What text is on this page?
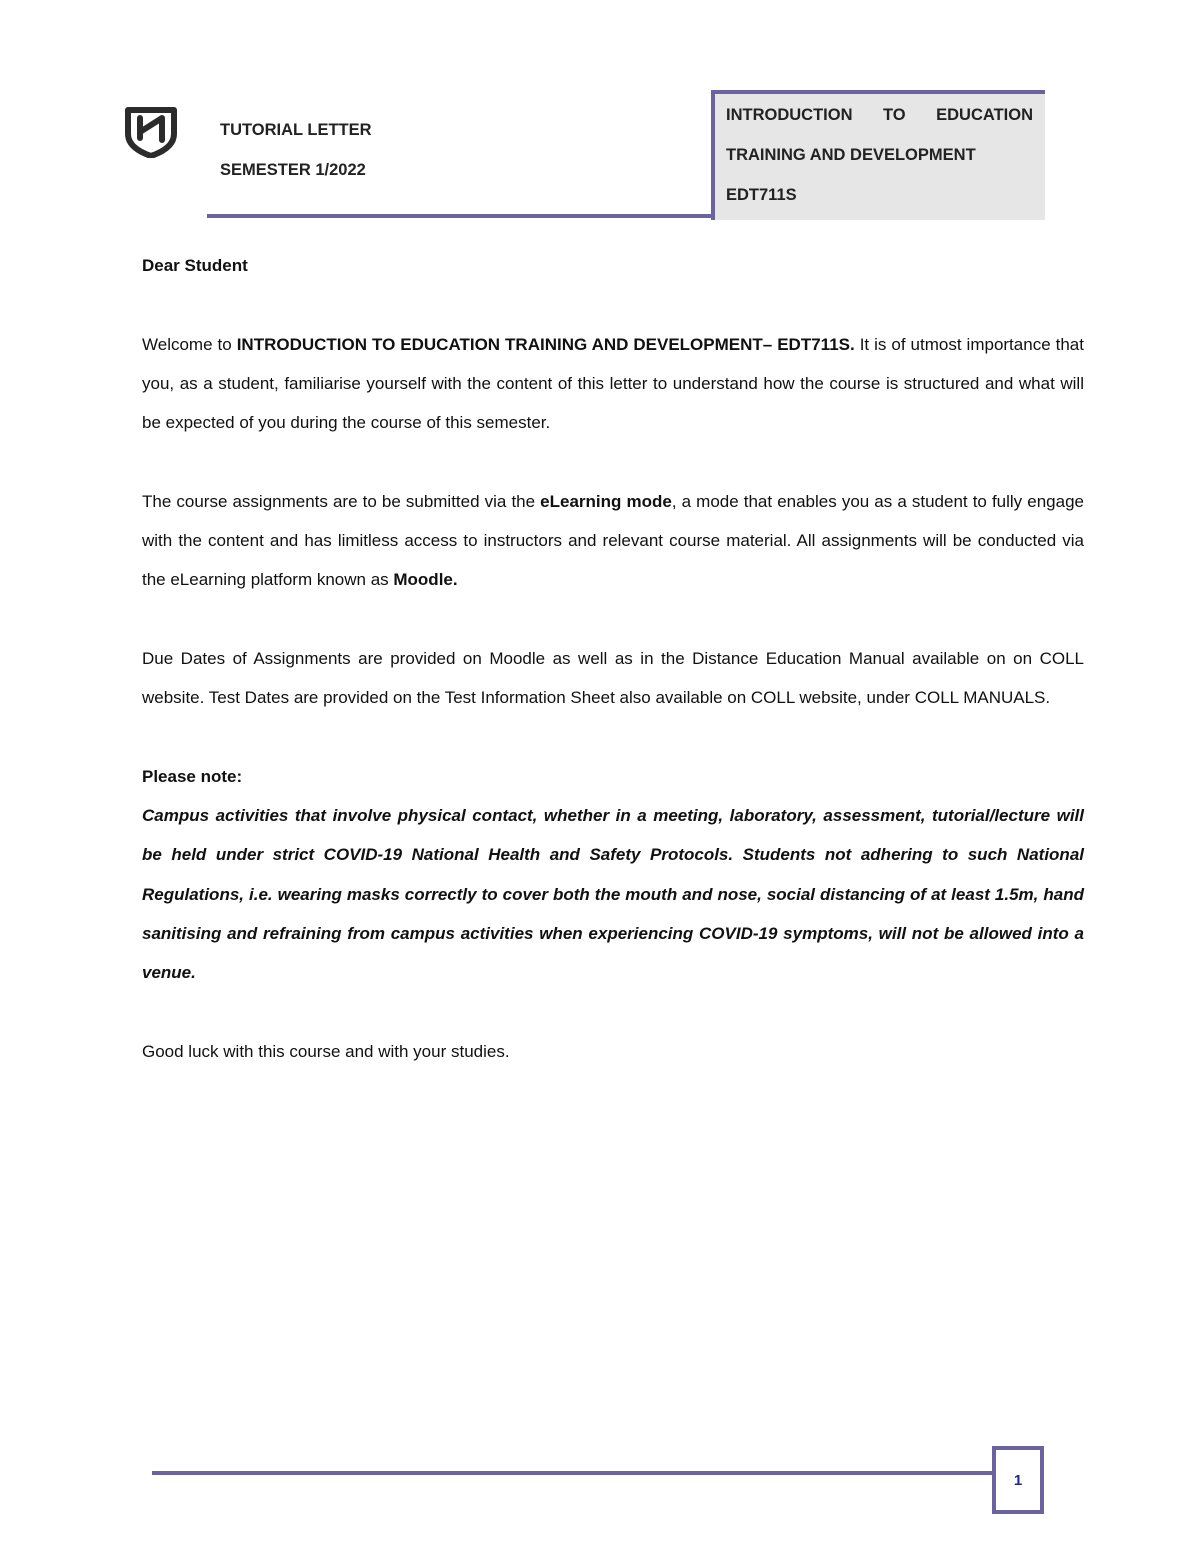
TUTORIAL LETTER
SEMESTER 1/2022
INTRODUCTION TO EDUCATION
TRAINING AND DEVELOPMENT
EDT711S

Dear Student

Welcome to INTRODUCTION TO EDUCATION TRAINING AND DEVELOPMENT– EDT711S. It is of utmost importance that you, as a student, familiarise yourself with the content of this letter to understand how the course is structured and what will be expected of you during the course of this semester.

The course assignments are to be submitted via the eLearning mode, a mode that enables you as a student to fully engage with the content and has limitless access to instructors and relevant course material. All assignments will be conducted via the eLearning platform known as Moodle.

Due Dates of Assignments are provided on Moodle as well as in the Distance Education Manual available on on COLL website. Test Dates are provided on the Test Information Sheet also available on COLL website, under COLL MANUALS.

Please note:

Campus activities that involve physical contact, whether in a meeting, laboratory, assessment, tutorial/lecture will be held under strict COVID-19 National Health and Safety Protocols. Students not adhering to such National Regulations, i.e. wearing masks correctly to cover both the mouth and nose, social distancing of at least 1.5m, hand sanitising and refraining from campus activities when experiencing COVID-19 symptoms, will not be allowed into a venue.

Good luck with this course and with your studies.

1
